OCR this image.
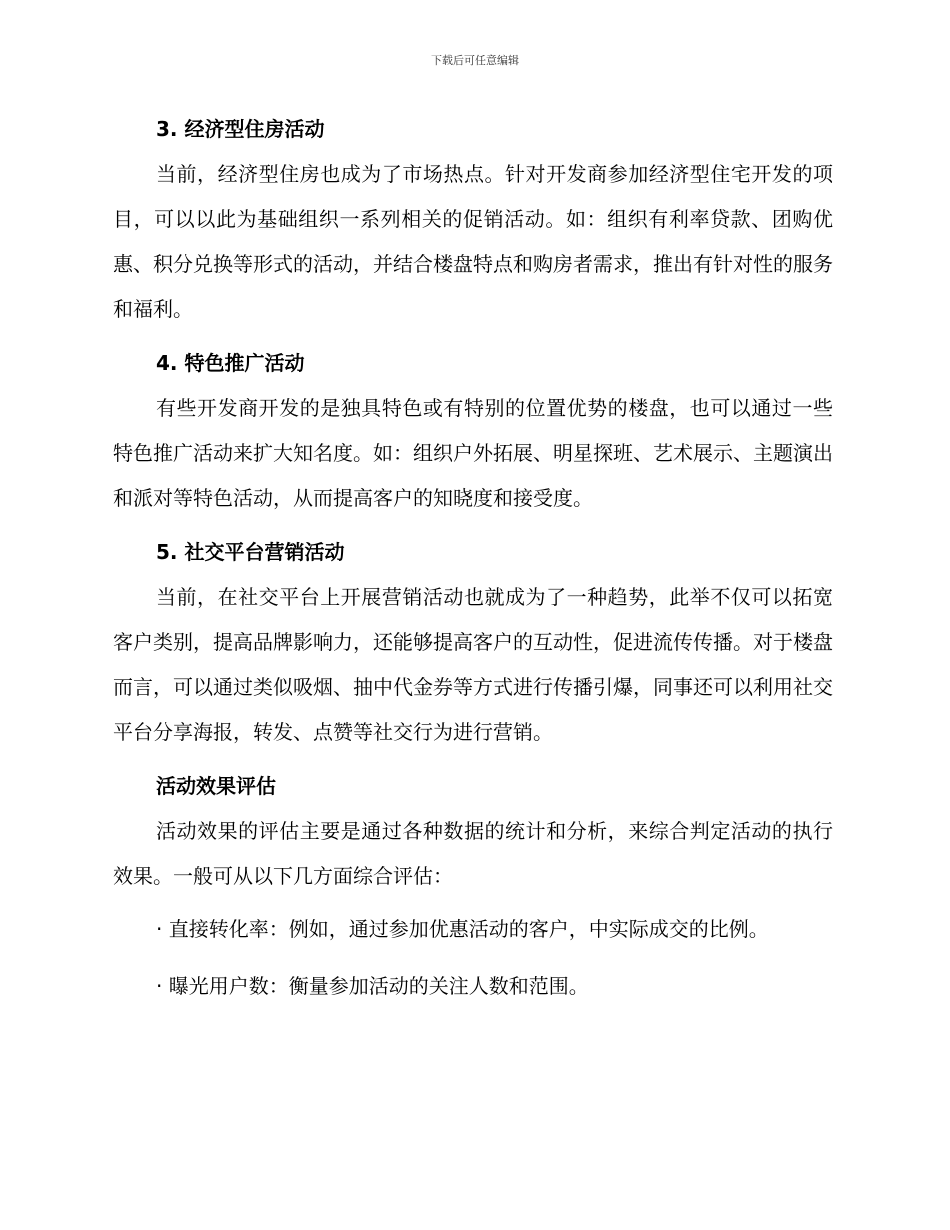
下载后可任意编辑
3. 经济型住房活动

当前，经济型住房也成为了市场热点。针对开发商参加经济型住宅开发的项目，可以以此为基础组织一系列相关的促销活动。如：组织有利率贷款、团购优惠、积分兑换等形式的活动，并结合楼盘特点和购房者需求，推出有针对性的服务和福利。

4. 特色推广活动

有些开发商开发的是独具特色或有特别的位置优势的楼盘，也可以通过一些特色推广活动来扩大知名度。如：组织户外拓展、明星探班、艺术展示、主题演出和派对等特色活动，从而提高客户的知晓度和接受度。

5. 社交平台营销活动

当前，在社交平台上开展营销活动也就成为了一种趋势，此举不仅可以拓宽客户类别，提高品牌影响力，还能够提高客户的互动性，促进流传传播。对于楼盘而言，可以通过类似吸烟、抽中代金券等方式进行传播引爆，同事还可以利用社交平台分享海报，转发、点赞等社交行为进行营销。

活动效果评估

活动效果的评估主要是通过各种数据的统计和分析，来综合判定活动的执行效果。一般可从以下几方面综合评估：

· 直接转化率：例如，通过参加优惠活动的客户，中实际成交的比例。

· 曝光用户数：衡量参加活动的关注人数和范围。
